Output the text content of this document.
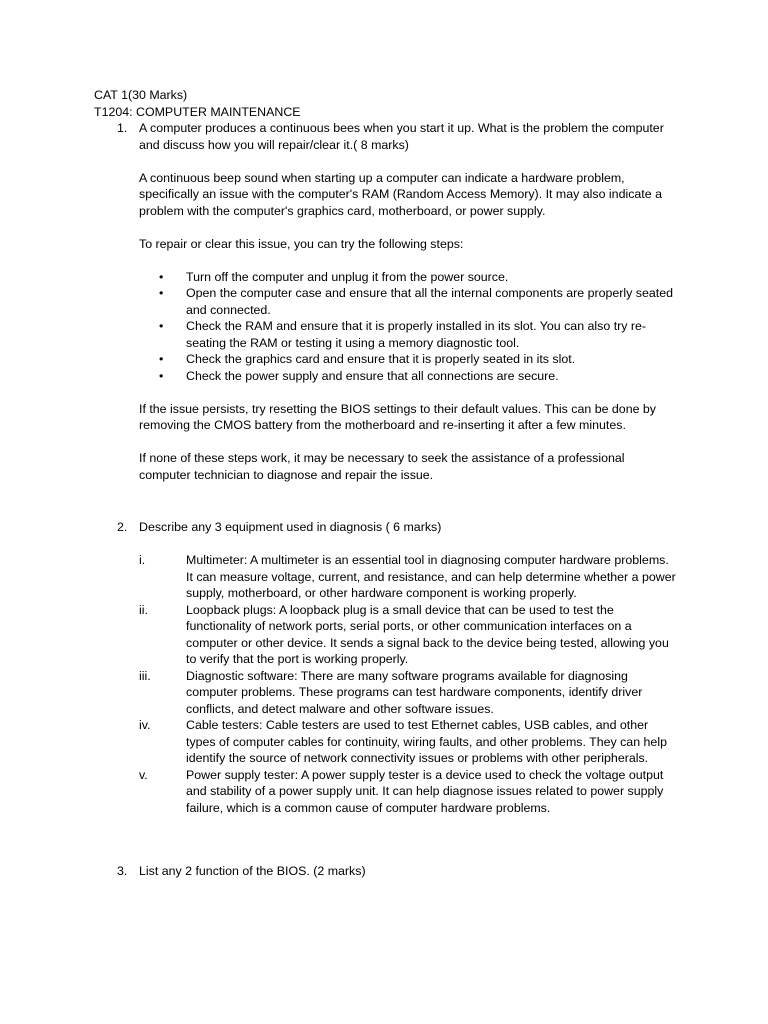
CAT 1(30 Marks)
T1204: COMPUTER MAINTENANCE
1. A computer produces a continuous bees when you start it up. What is the problem the computer and discuss how you will repair/clear it.( 8 marks)

A continuous beep sound when starting up a computer can indicate a hardware problem, specifically an issue with the computer's RAM (Random Access Memory). It may also indicate a problem with the computer's graphics card, motherboard, or power supply.

To repair or clear this issue, you can try the following steps:

• Turn off the computer and unplug it from the power source.
• Open the computer case and ensure that all the internal components are properly seated and connected.
• Check the RAM and ensure that it is properly installed in its slot. You can also try re-seating the RAM or testing it using a memory diagnostic tool.
• Check the graphics card and ensure that it is properly seated in its slot.
• Check the power supply and ensure that all connections are secure.

If the issue persists, try resetting the BIOS settings to their default values. This can be done by removing the CMOS battery from the motherboard and re-inserting it after a few minutes.

If none of these steps work, it may be necessary to seek the assistance of a professional computer technician to diagnose and repair the issue.

2. Describe any 3 equipment used in diagnosis ( 6 marks)

i.	Multimeter: A multimeter is an essential tool in diagnosing computer hardware problems. It can measure voltage, current, and resistance, and can help determine whether a power supply, motherboard, or other hardware component is working properly.
ii.	Loopback plugs: A loopback plug is a small device that can be used to test the functionality of network ports, serial ports, or other communication interfaces on a computer or other device. It sends a signal back to the device being tested, allowing you to verify that the port is working properly.
iii.	Diagnostic software: There are many software programs available for diagnosing computer problems. These programs can test hardware components, identify driver conflicts, and detect malware and other software issues.
iv.	Cable testers: Cable testers are used to test Ethernet cables, USB cables, and other types of computer cables for continuity, wiring faults, and other problems. They can help identify the source of network connectivity issues or problems with other peripherals.
v.	Power supply tester: A power supply tester is a device used to check the voltage output and stability of a power supply unit. It can help diagnose issues related to power supply failure, which is a common cause of computer hardware problems.
3. List any 2 function of the BIOS. (2 marks)
